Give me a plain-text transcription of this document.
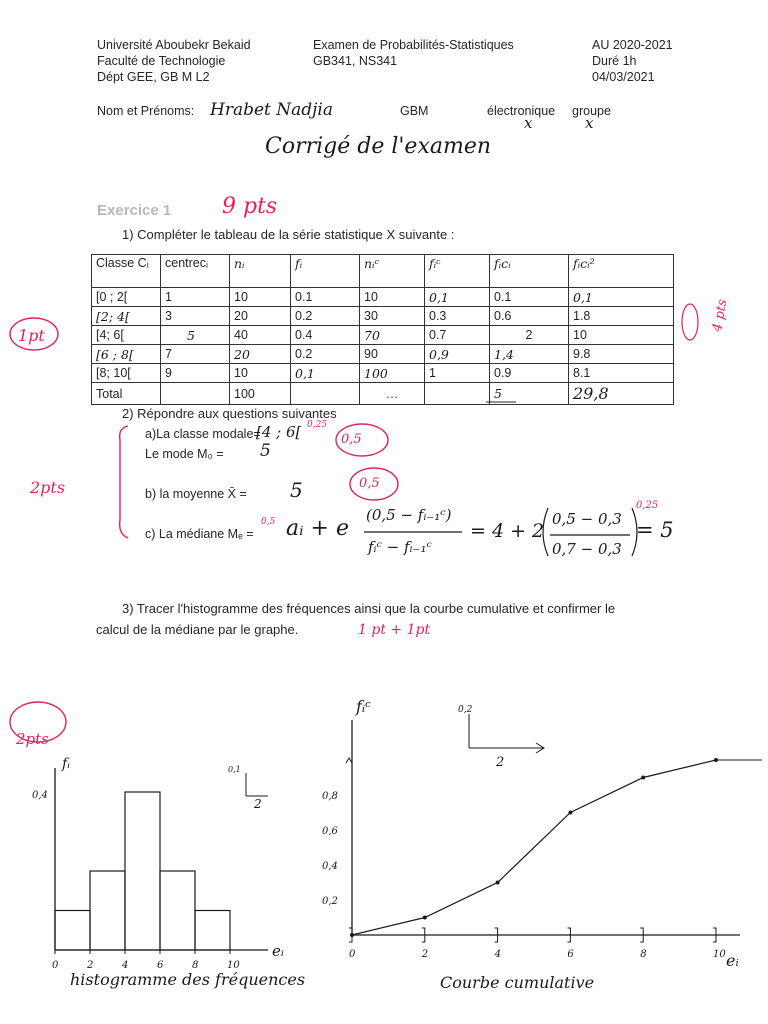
Université Aboubekr Bekaid
Faculté de Technologie
Dépt GEE, GB M L2
Examen de Probabilités-Statistiques
GB341, NS341
AU 2020-2021
Duré 1h
04/03/2021
Nom et Prénoms: Hrabet Nadjia	GBM	électronique groupe
x	x
Corrigé de l'examen
Exercice 1 9 pts
1) Compléter le tableau de la série statistique X suivante :
Classe Cᵢ	centrecᵢ	nᵢ	fᵢ	nᵢᶜ	fᵢᶜ	fᵢcᵢ	fᵢcᵢ²
[0 ; 2[	1	10	0.1	10	0,1	0.1	0,1
[2; 4[	3	20	0.2	30	0.3	0.6	1.8
[4; 6[	5	40	0.4	70	0.7	2	10
[6 ; 8[	7	20	0.2	90	0,9	1,4	9.8
[8; 10[	9	10	0,1	100	1	0.9	8.1
Total		100		…		5	29,8
2) Répondre aux questions suivantes
a)La classe modale=
[4 ; 6[
Le mode M₀ = 5
b) la moyenne X̄ = 5
c) La médiane Mₑ = aᵢ + e
(0,5 − fᵢ₋₁ᶜ)
fᵢᶜ − fᵢ₋₁ᶜ
= 4 + 2
0,5 − 0,3
0,7 − 0,3
= 5
1pt
4 pts
0,5
0,5
2pts
0,25
0,5
0,25
1 pt + 1pt
2pts
3) Tracer l'histogramme des fréquences ainsi que la courbe cumulative et confirmer le
calcul de la médiane par le graphe.
0	2	4	6	8	10
fᵢ
eᵢ
0,4
0,1
2
histogramme des fréquences
0	2	4	6	8	10
0,2
0,4
0,6
0,8
fᵢᶜ
eᵢ
0,2
2
Courbe cumulative
